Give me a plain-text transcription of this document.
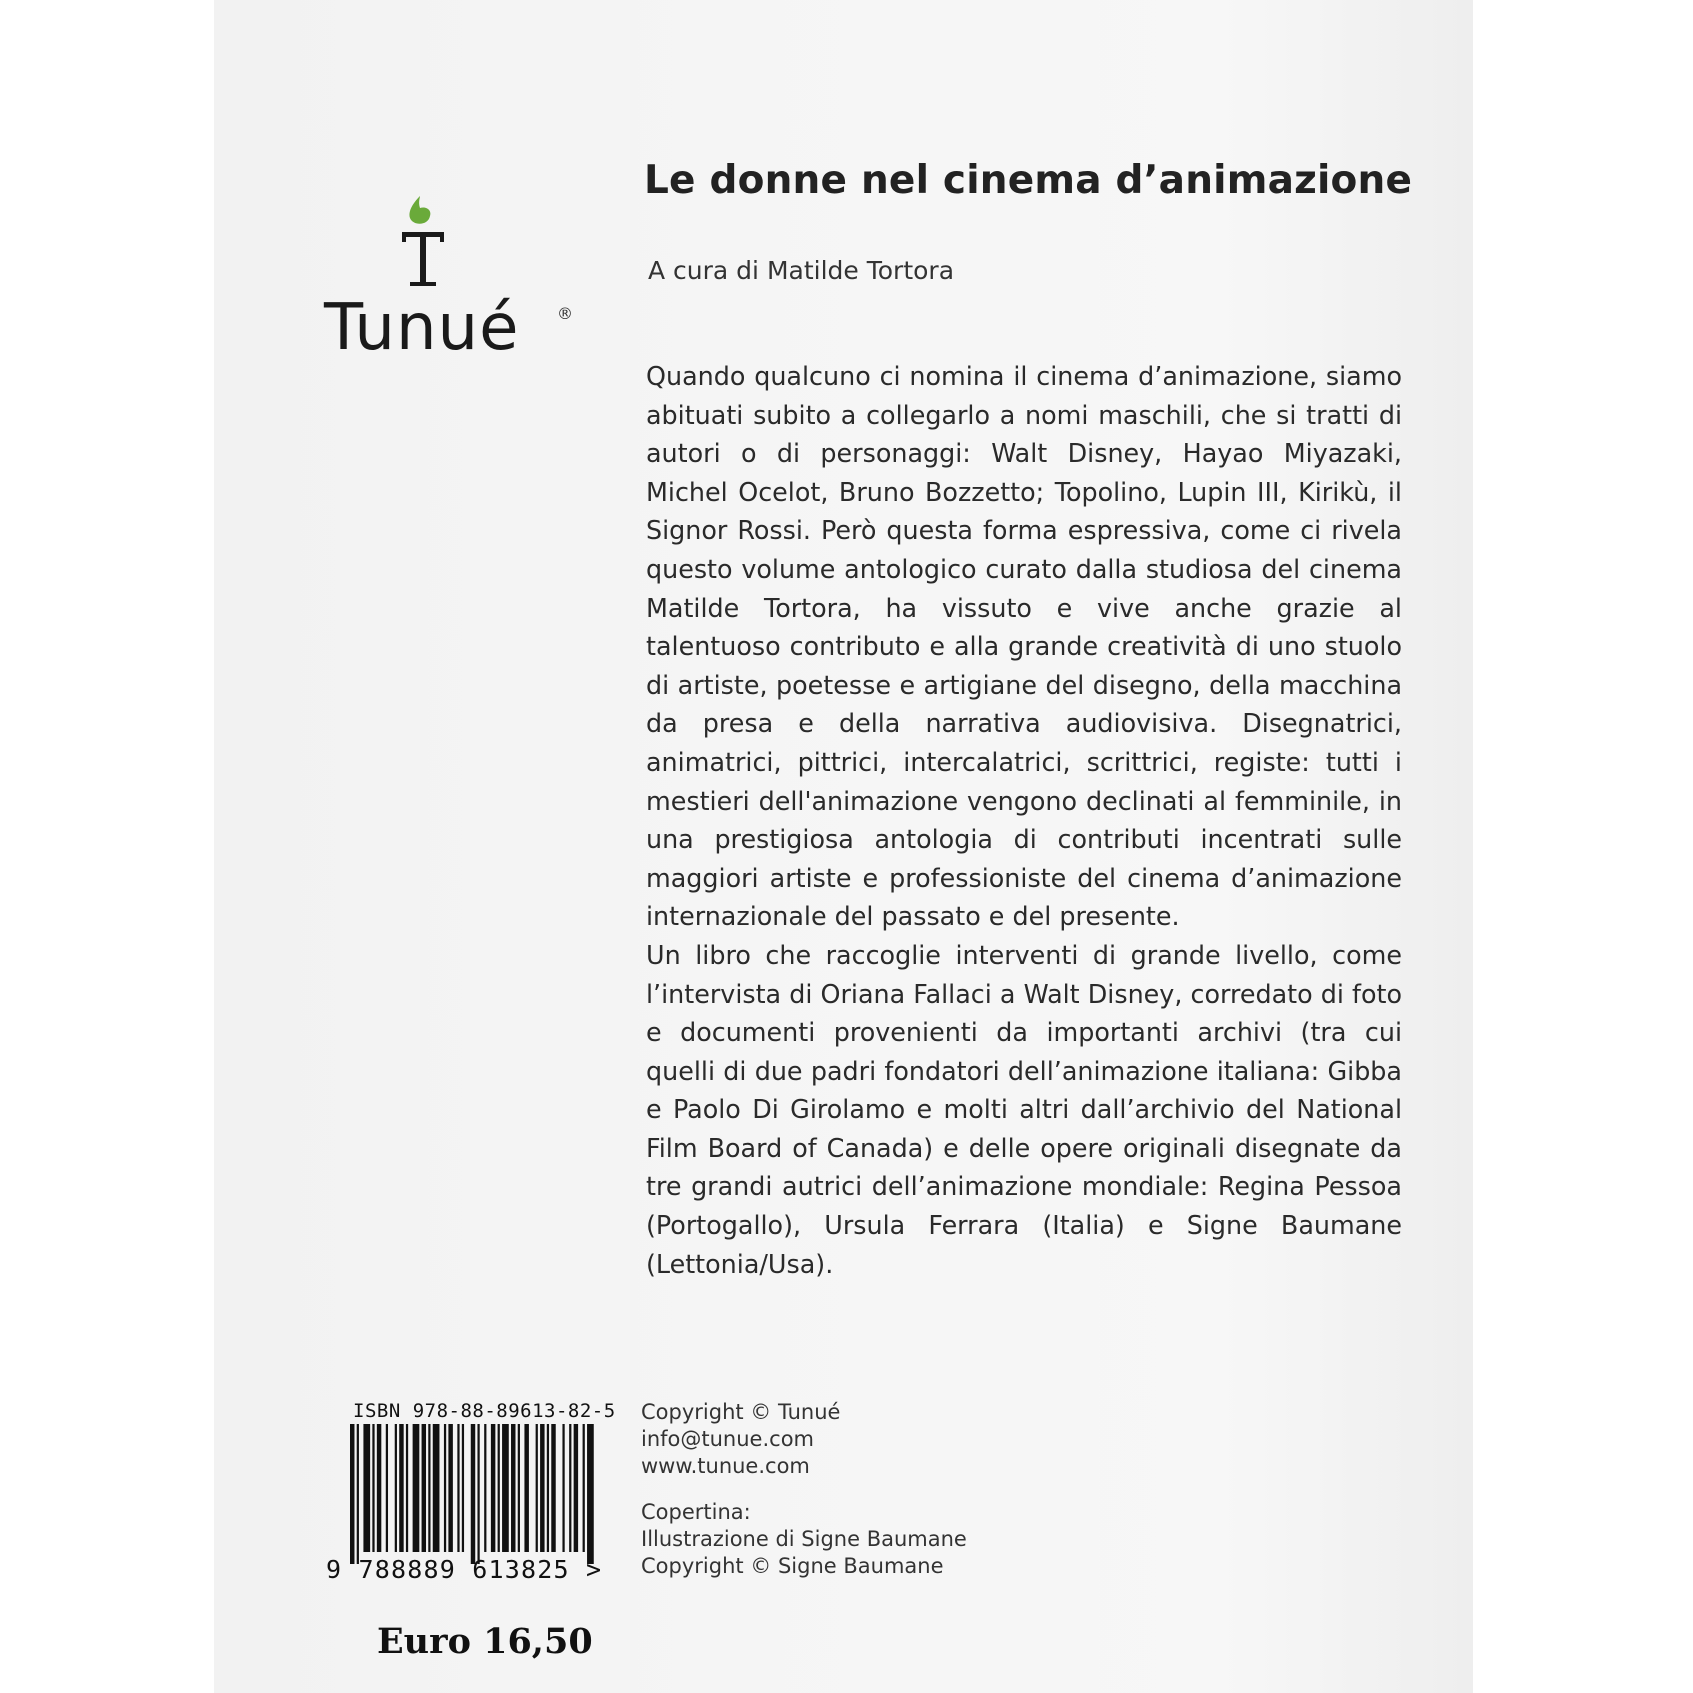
Tunué ®
Le donne nel cinema d’animazione
A cura di Matilde Tortora

Quando qualcuno ci nomina il cinema d’animazione, siamo abituati subito a collegarlo a nomi maschili, che si tratti di autori o di personaggi: Walt Disney, Hayao Miyazaki, Michel Ocelot, Bruno Bozzetto; Topolino, Lupin III, Kirikù, il Signor Rossi. Però questa forma espressiva, come ci rivela questo volume antologico curato dalla studiosa del cinema Matilde Tortora, ha vissuto e vive anche grazie al talentuoso contributo e alla grande creatività di uno stuolo di artiste, poetesse e artigiane del disegno, della macchina da presa e della narrativa audiovisiva. Disegnatrici, animatrici, pittrici, intercalatrici, scrittrici, registe: tutti i mestieri dell'animazione vengono declinati al femminile, in una prestigiosa antologia di contributi incentrati sulle maggiori artiste e professioniste del cinema d’animazione internazionale del passato e del presente.

Un libro che raccoglie interventi di grande livello, come l’intervista di Oriana Fallaci a Walt Disney, corredato di foto e documenti provenienti da importanti archivi (tra cui quelli di due padri fondatori dell’animazione italiana: Gibba e Paolo Di Girolamo e molti altri dall’archivio del National Film Board of Canada) e delle opere originali disegnate da tre grandi autrici dell’animazione mondiale: Regina Pessoa (Portogallo), Ursula Ferrara (Italia) e Signe Baumane (Lettonia/Usa).

ISBN 978-88-89613-82-5
9 788889 613825 >
Euro 16,50
Copyright © Tunué
info@tunue.com
www.tunue.com
Copertina:
Illustrazione di Signe Baumane
Copyright © Signe Baumane
